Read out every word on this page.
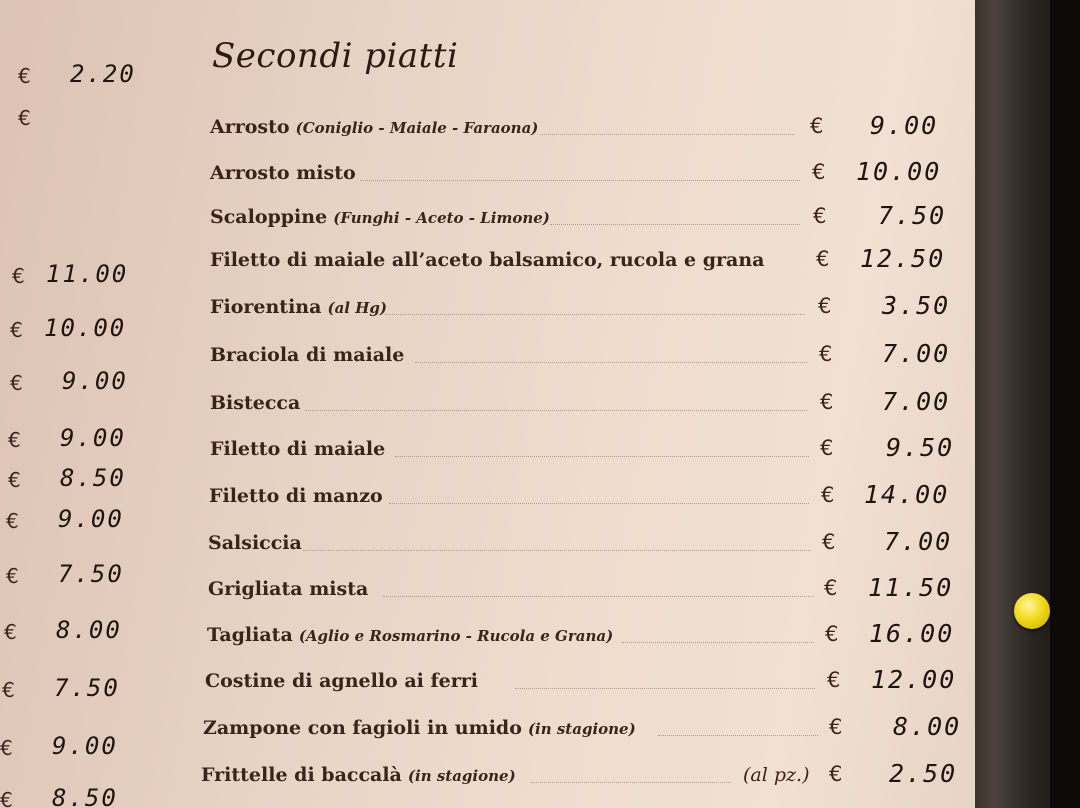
Secondi piatti
€ 2.20
€
€ 11.00
€ 10.00
€ 9.00
€ 9.00
€ 8.50
€ 9.00
€ 7.50
€ 8.00
€ 7.50
€ 9.00
€ 8.50
Arrosto (Coniglio - Maiale - Faraona)	€ 9.00
Arrosto misto	€ 10.00
Scaloppine (Funghi - Aceto - Limone)	€ 7.50
Filetto di maiale all’aceto balsamico, rucola e grana € 12.50
Fiorentina (al Hg)	€ 3.50
Braciola di maiale	€ 7.00
Bistecca	€ 7.00
Filetto di maiale	€ 9.50
Filetto di manzo	€ 14.00
Salsiccia	€ 7.00
Grigliata mista	€ 11.50
Tagliata (Aglio e Rosmarino - Rucola e Grana)	€ 16.00
Costine di agnello ai ferri	€ 12.00
Zampone con fagioli in umido (in stagione)	€ 8.00
Frittelle di baccalà (in stagione)	(al pz.) € 2.50
